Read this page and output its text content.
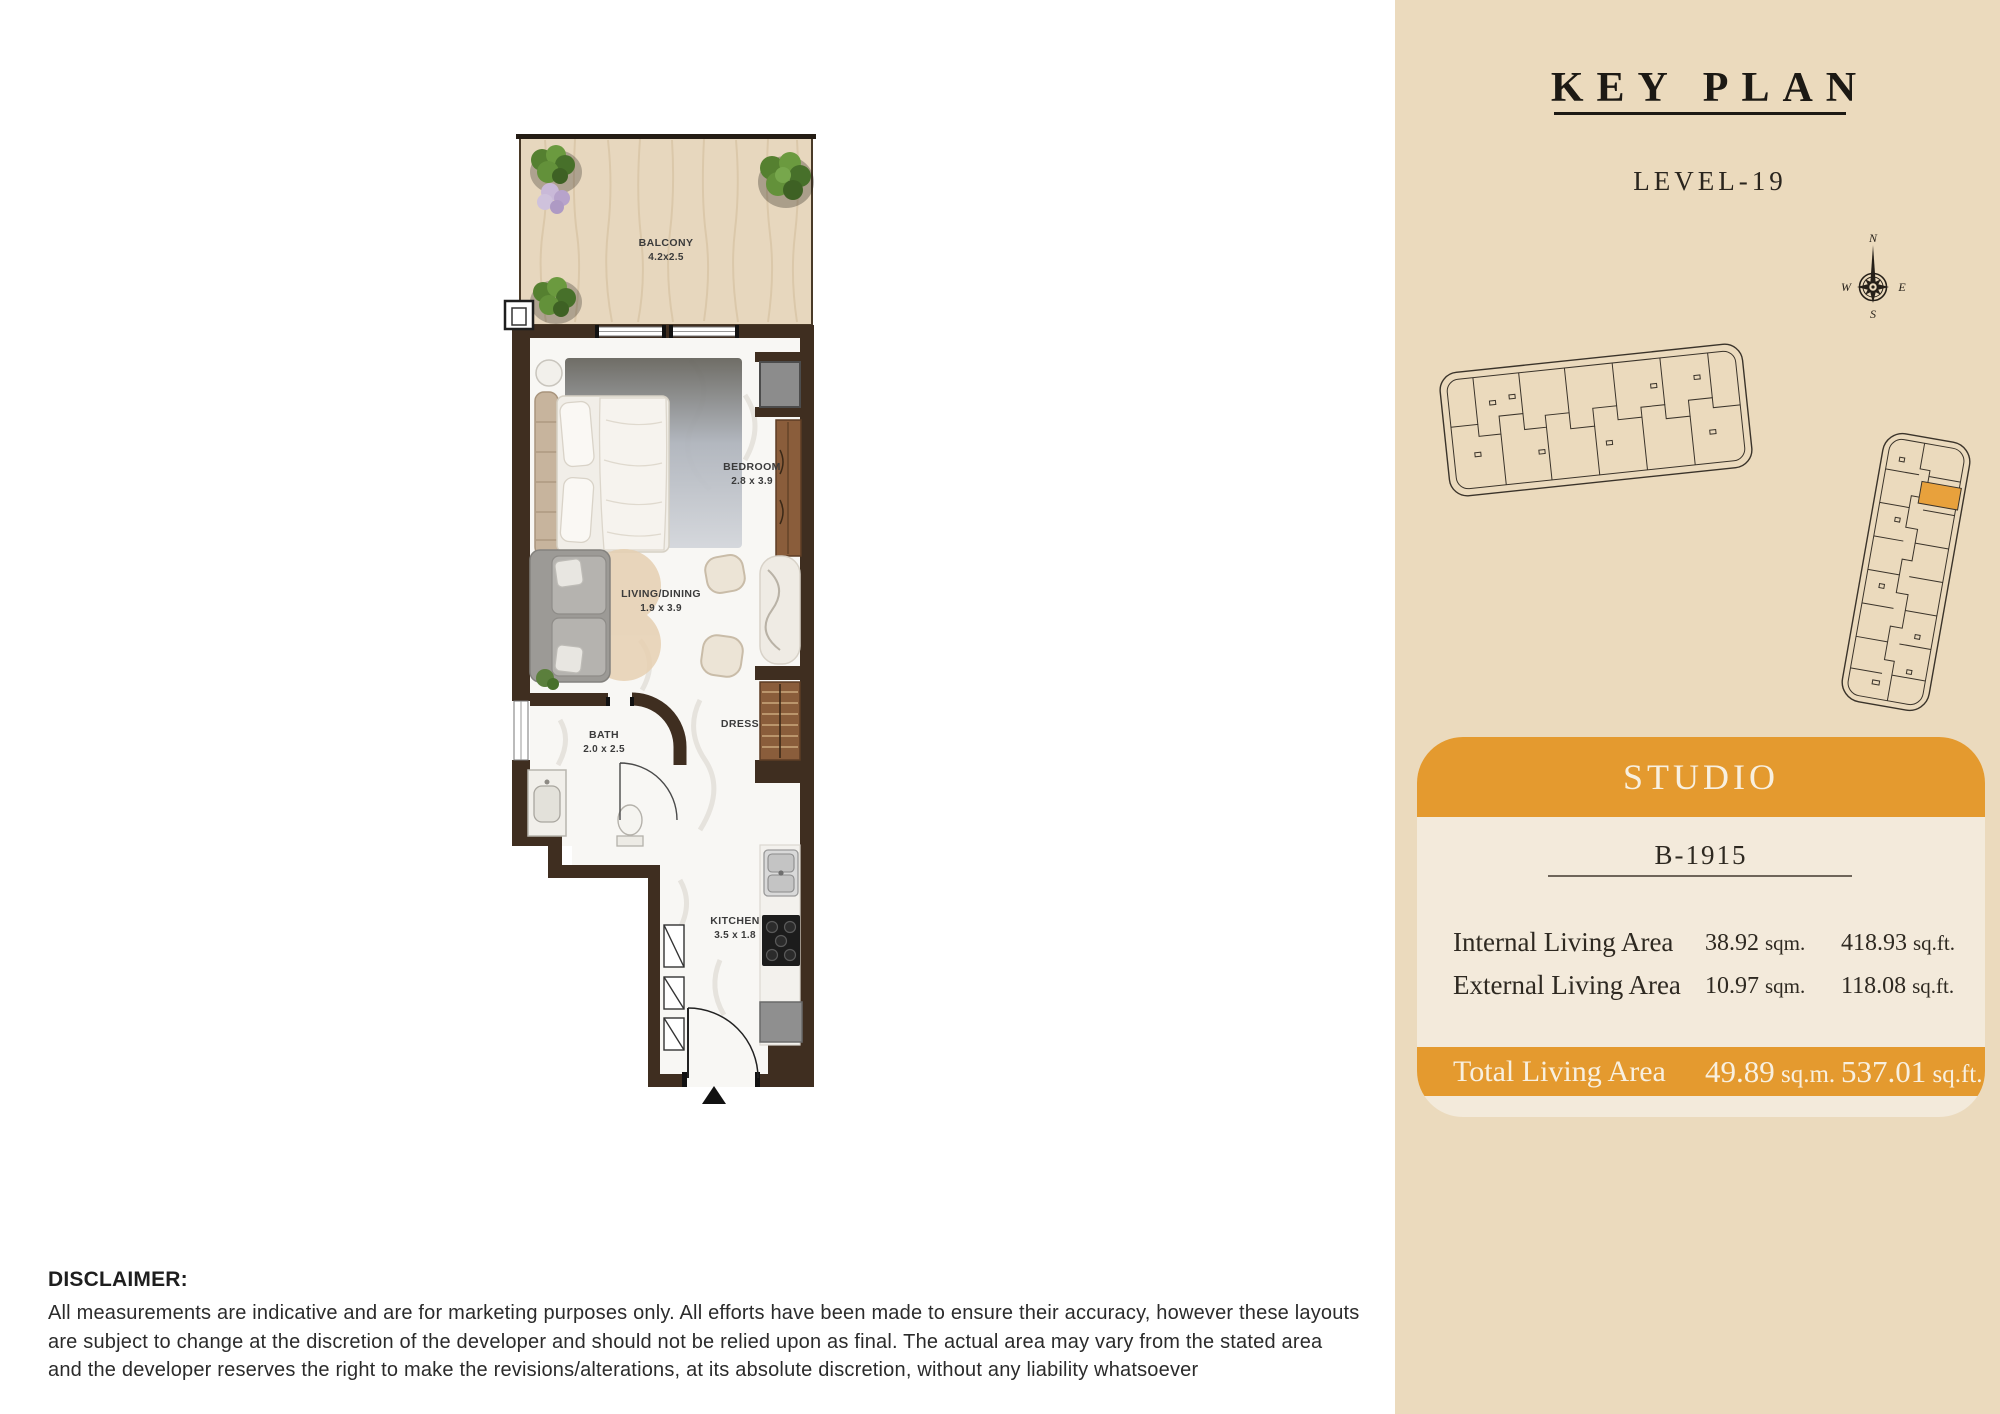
KEY PLAN
LEVEL-19
N
W	E
S
STUDIO
B-1915
Internal Living Area 38.92 sqm. 418.93 sq.ft.
External Living Area 10.97 sqm. 118.08 sq.ft.
Total Living Area 49.89 sq.m. 537.01 sq.ft.
BALCONY
4.2x2.5
BEDROOM
2.8 x 3.9
LIVING/DINING
1.9 x 3.9
DRESS
BATH
2.0 x 2.5
KITCHEN
3.5 x 1.8
DISCLAIMER:
All measurements are indicative and are for marketing purposes only. All efforts have been made to ensure their accuracy, however these layouts
are subject to change at the discretion of the developer and should not be relied upon as final. The actual area may vary from the stated area
and the developer reserves the right to make the revisions/alterations, at its absolute discretion, without any liability whatsoever
